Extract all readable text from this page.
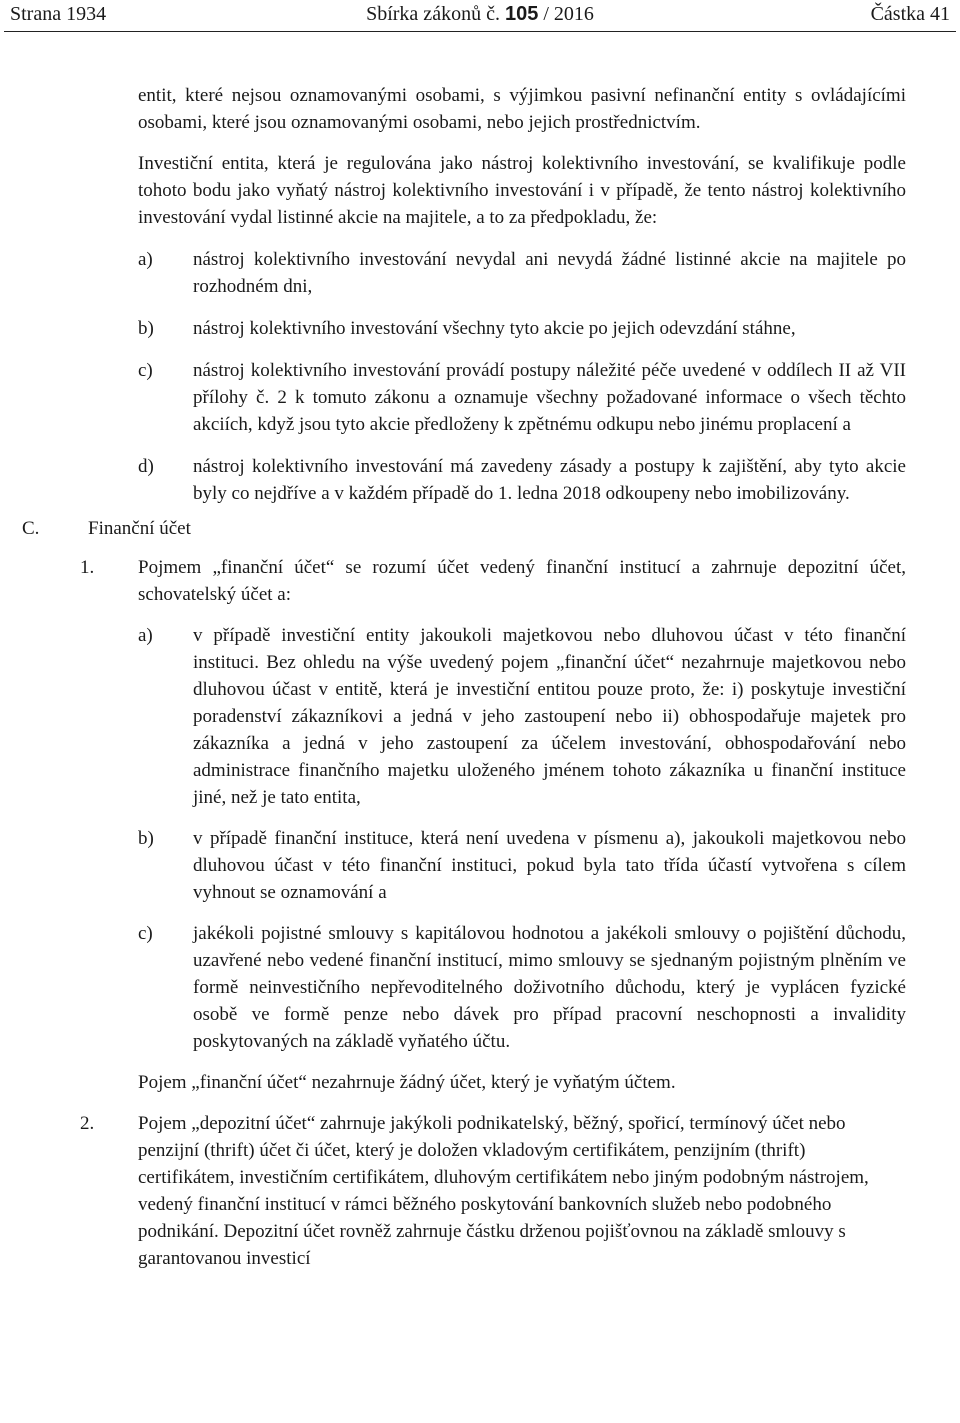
Strana 1934	Sbírka zákonů č. 105 / 2016	Částka 41

entit, které nejsou oznamovanými osobami, s výjimkou pasivní nefinanční entity s ovládajícími osobami, které jsou oznamovanými osobami, nebo jejich prostřednictvím.

Investiční entita, která je regulována jako nástroj kolektivního investování, se kvalifikuje podle tohoto bodu jako vyňatý nástroj kolektivního investování i v případě, že tento nástroj kolektivního investování vydal listinné akcie na majitele, a to za předpokladu, že:

a) nástroj kolektivního investování nevydal ani nevydá žádné listinné akcie na majitele po rozhodném dni,

b) nástroj kolektivního investování všechny tyto akcie po jejich odevzdání stáhne,

c) nástroj kolektivního investování provádí postupy náležité péče uvedené v oddílech II až VII přílohy č. 2 k tomuto zákonu a oznamuje všechny požadované informace o všech těchto akciích, když jsou tyto akcie předloženy k zpětnému odkupu nebo jinému proplacení a

d) nástroj kolektivního investování má zavedeny zásady a postupy k zajištění, aby tyto akcie byly co nejdříve a v každém případě do 1. ledna 2018 odkoupeny nebo imobilizovány.

C.	Finanční účet
1. Pojmem „finanční účet“ se rozumí účet vedený finanční institucí a zahrnuje depozitní účet, schovatelský účet a:

a) v případě investiční entity jakoukoli majetkovou nebo dluhovou účast v této finanční instituci. Bez ohledu na výše uvedený pojem „finanční účet“ nezahrnuje majetkovou nebo dluhovou účast v entitě, která je investiční entitou pouze proto, že: i) poskytuje investiční poradenství zákazníkovi a jedná v jeho zastoupení nebo ii) obhospodařuje majetek pro zákazníka a jedná v jeho zastoupení za účelem investování, obhospodařování nebo administrace finančního majetku uloženého jménem tohoto zákazníka u finanční instituce jiné, než je tato entita,

b) v případě finanční instituce, která není uvedena v písmenu a), jakoukoli majetkovou nebo dluhovou účast v této finanční instituci, pokud byla tato třída účastí vytvořena s cílem vyhnout se oznamování a

c) jakékoli pojistné smlouvy s kapitálovou hodnotou a jakékoli smlouvy o pojištění důchodu, uzavřené nebo vedené finanční institucí, mimo smlouvy se sjednaným pojistným plněním ve formě neinvestičního nepřevoditelného doživotního důchodu, který je vyplácen fyzické osobě ve formě penze nebo dávek pro případ pracovní neschopnosti a invalidity poskytovaných na základě vyňatého účtu.

Pojem „finanční účet“ nezahrnuje žádný účet, který je vyňatým účtem.

2. Pojem „depozitní účet“ zahrnuje jakýkoli podnikatelský, běžný, spořicí, termínový účet nebo penzijní (thrift) účet či účet, který je doložen vkladovým certifikátem, penzijním (thrift) certifikátem, investičním certifikátem, dluhovým certifikátem nebo jiným podobným nástrojem, vedený finanční institucí v rámci běžného poskytování bankovních služeb nebo podobného podnikání. Depozitní účet rovněž zahrnuje částku drženou pojišťovnou na základě smlouvy s garantovanou investicí
